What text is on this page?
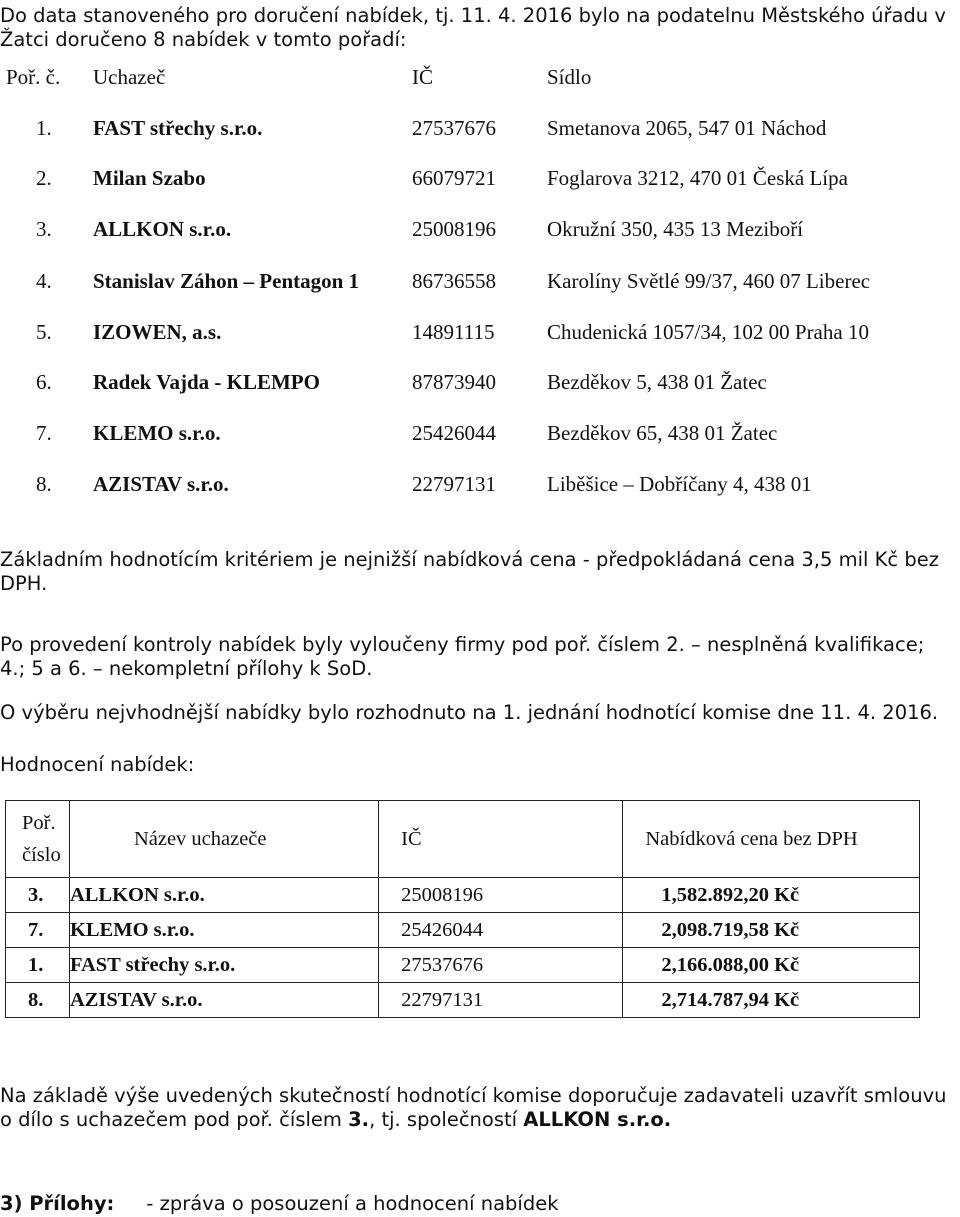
Do data stanoveného pro doručení nabídek, tj. 11. 4. 2016 bylo na podatelnu Městského úřadu v
Žatci doručeno 8 nabídek v tomto pořadí:

Poř. č. Uchazeč	IČ	Sídlo
1. FAST střechy s.r.o.	27537676 Smetanova 2065, 547 01 Náchod
2. Milan Szabo	66079721 Foglarova 3212, 470 01 Česká Lípa
3. ALLKON s.r.o.	25008196 Okružní 350, 435 13 Meziboří
4. Stanislav Záhon – Pentagon 1	86736558 Karolíny Světlé 99/37, 460 07 Liberec
5. IZOWEN, a.s.	14891115	Chudenická 1057/34, 102 00 Praha 10
6. Radek Vajda - KLEMPO	87873940 Bezděkov 5, 438 01 Žatec
7. KLEMO s.r.o.	25426044 Bezděkov 65, 438 01 Žatec
8. AZISTAV s.r.o.	22797131 Liběšice – Dobříčany 4, 438 01

Základním hodnotícím kritériem je nejnižší nabídková cena - předpokládaná cena 3,5 mil Kč bez
DPH.

Po provedení kontroly nabídek byly vyloučeny firmy pod poř. číslem 2. – nesplněná kvalifikace;
4.; 5 a 6. – nekompletní přílohy k SoD.

O výběru nejvhodnější nabídky bylo rozhodnuto na 1. jednání hodnotící komise dne 11. 4. 2016.

Hodnocení nabídek:

Poř.
číslo	Název uchazeče	IČ	Nabídková cena bez DPH
3.	ALLKON s.r.o.	25008196	1,582.892,20 Kč
7.	KLEMO s.r.o.	25426044	2,098.719,58 Kč
1.	FAST střechy s.r.o.	27537676	2,166.088,00 Kč
8.	AZISTAV s.r.o.	22797131	2,714.787,94 Kč

Na základě výše uvedených skutečností hodnotící komise doporučuje zadavateli uzavřít smlouvu
o dílo s uchazečem pod poř. číslem 3., tj. společností ALLKON s.r.o.

3) Přílohy: - zpráva o posouzení a hodnocení nabídek
